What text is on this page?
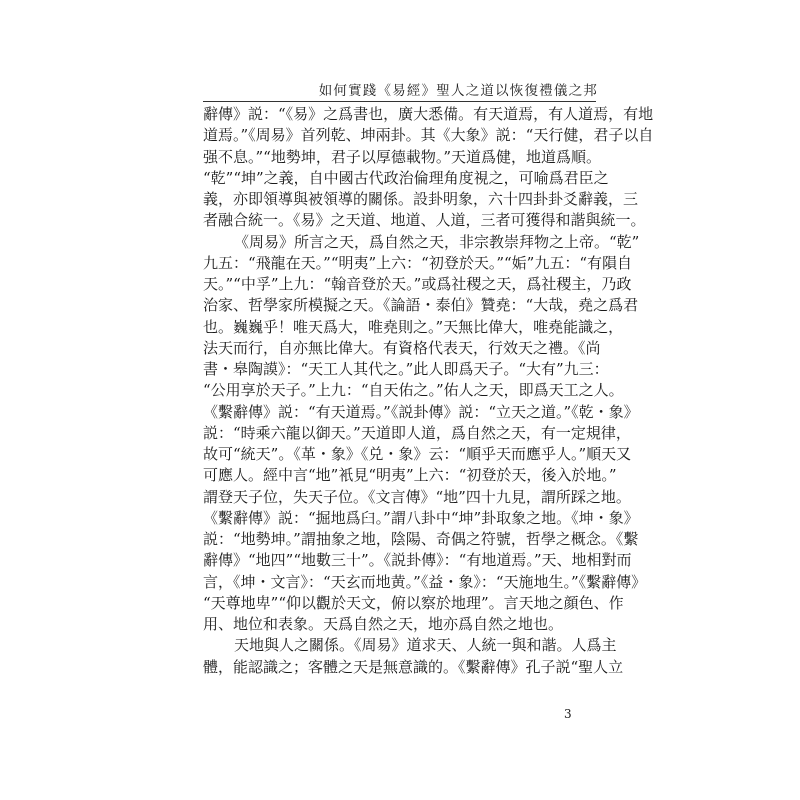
如何實踐《易經》聖人之道以恢復禮儀之邦
辭傳》説：“《易》之爲書也，廣大悉備。有天道焉，有人道焉，有地
道焉。”《周易》首列乾、坤兩卦。其《大象》説：“天行健，君子以自
强不息。”“地勢坤，君子以厚德載物。”天道爲健，地道爲順。
“乾”“坤”之義，自中國古代政治倫理角度視之，可喻爲君臣之
義，亦即領導與被領導的關係。設卦明象，六十四卦卦爻辭義，三
者融合統一。《易》之天道、地道、人道，三者可獲得和諧與統一。
《周易》所言之天，爲自然之天，非宗教崇拜物之上帝。“乾”
九五：“飛龍在天。”“明夷”上六：“初登於天。”“姤”九五：“有隕自
天。”“中孚”上九：“翰音登於天。”或爲社稷之天，爲社稷主，乃政
治家、哲學家所模擬之天。《論語・泰伯》贊堯：“大哉，堯之爲君
也。巍巍乎！唯天爲大，唯堯則之。”天無比偉大，唯堯能識之，
法天而行，自亦無比偉大。有資格代表天，行效天之禮。《尚
書・皋陶謨》：“天工人其代之。”此人即爲天子。“大有”九三：
“公用享於天子。”上九：“自天佑之。”佑人之天，即爲天工之人。
《繫辭傳》説：“有天道焉。”《説卦傳》説：“立天之道。”《乾・象》
説：“時乘六龍以御天。”天道即人道，爲自然之天，有一定規律，
故可“統天”。《革・象》《兑・象》云：“順乎天而應乎人。”順天又
可應人。經中言“地”衹見“明夷”上六：“初登於天，後入於地。”
謂登天子位，失天子位。《文言傳》“地”四十九見，謂所踩之地。
《繫辭傳》説：“掘地爲臼。”謂八卦中“坤”卦取象之地。《坤・象》
説：“地勢坤。”謂抽象之地，陰陽、奇偶之符號，哲學之概念。《繫
辭傳》“地四”“地數三十”。《説卦傳》：“有地道焉。”天、地相對而
言，《坤・文言》：“天玄而地黄。”《益・象》：“天施地生。”《繫辭傳》
“天尊地卑”“仰以觀於天文，俯以察於地理”。言天地之顔色、作
用、地位和表象。天爲自然之天，地亦爲自然之地也。
天地與人之關係。《周易》道求天、人統一與和諧。人爲主
體，能認識之；客體之天是無意識的。《繫辭傳》孔子説“聖人立
3
